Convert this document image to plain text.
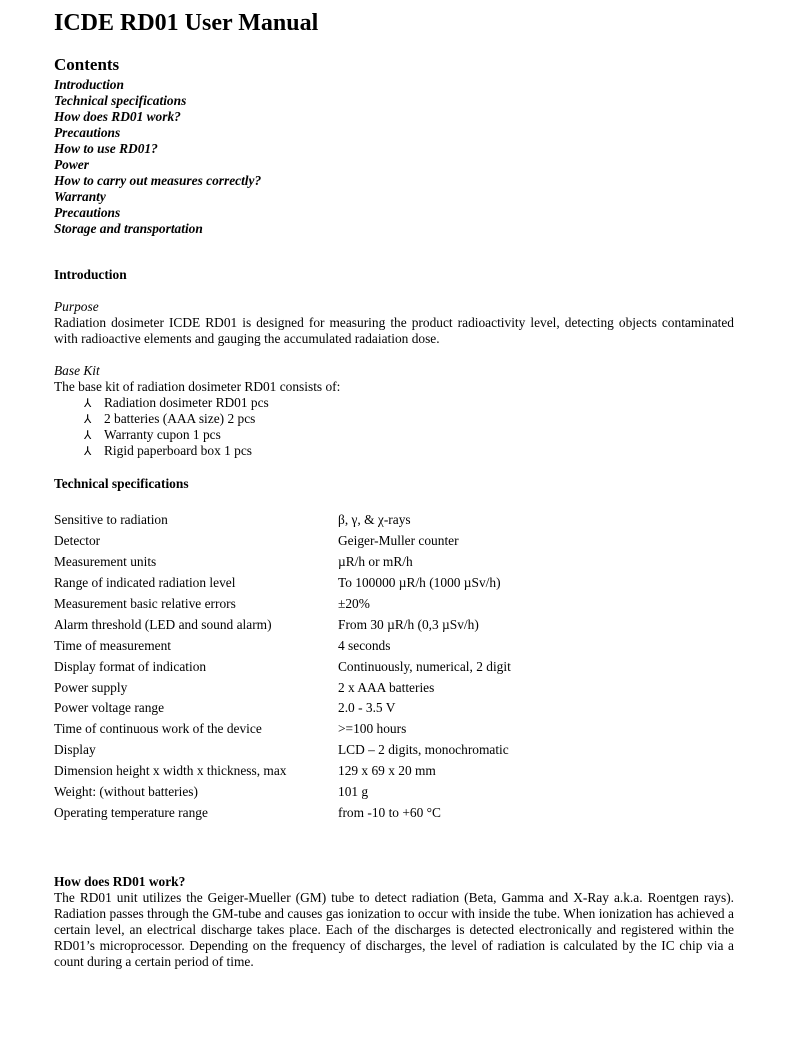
ICDE RD01 User Manual
Contents
Introduction
Technical specifications
How does RD01 work?
Precautions
How to use RD01?
Power
How to carry out measures correctly?
Warranty
Precautions
Storage and transportation

Introduction

Purpose

Radiation dosimeter ICDE RD01 is designed for measuring the product radioactivity level, detecting objects contaminated with radioactive elements and gauging the accumulated radaiation dose.

Base Kit

The base kit of radiation dosimeter RD01 consists of:

⅄ Radiation dosimeter RD01 pcs
⅄ 2 batteries (AAA size) 2 pcs
⅄ Warranty cupon 1 pcs
⅄ Rigid paperboard box 1 pcs

Technical specifications

Sensitive to radiation	β, γ, & χ-rays
Detector	Geiger-Muller counter
Measurement units	µR/h or mR/h
Range of indicated radiation level	To 100000 µR/h (1000 µSv/h)
Measurement basic relative errors	±20%
Alarm threshold (LED and sound alarm)	From 30 µR/h (0,3 µSv/h)
Time of measurement	4 seconds
Display format of indication	Continuously, numerical, 2 digit
Power supply	2 x AAA batteries
Power voltage range	2.0 - 3.5 V
Time of continuous work of the device	>=100 hours
Display	LCD – 2 digits, monochromatic
Dimension height x width x thickness, max	129 x 69 x 20 mm
Weight: (without batteries)	101 g
Operating temperature range	from -10 to +60 °C

How does RD01 work?

The RD01 unit utilizes the Geiger-Mueller (GM) tube to detect radiation (Beta, Gamma and X-Ray a.k.a. Roentgen rays). Radiation passes through the GM-tube and causes gas ionization to occur with inside the tube. When ionization has achieved a certain level, an electrical discharge takes place. Each of the discharges is detected electronically and registered within the RD01’s microprocessor. Depending on the frequency of discharges, the level of radiation is calculated by the IC chip via a count during a certain period of time.
